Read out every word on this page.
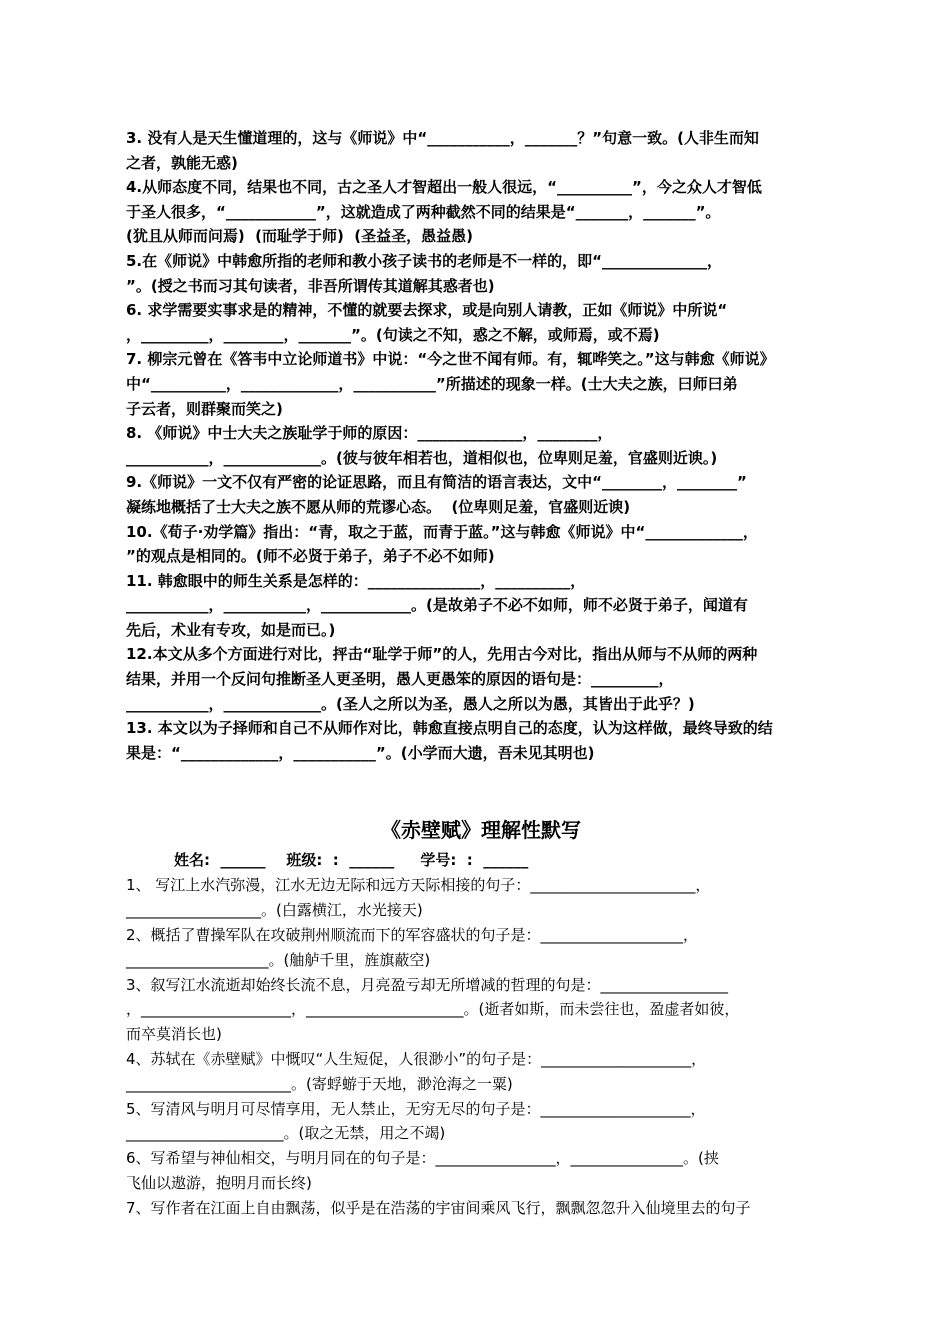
3. 没有人是天生懂道理的，这与《师说》中“___________，_______？”句意一致。(人非生而知
之者，孰能无惑)
4.从师态度不同，结果也不同，古之圣人才智超出一般人很远，“__________”，今之众人才智低
于圣人很多，“____________”，这就造成了两种截然不同的结果是“_______，_______”。
(犹且从师而问焉)  (而耻学于师)  (圣益圣，愚益愚)
5.在《师说》中韩愈所指的老师和教小孩子读书的老师是不一样的，即“______________，
”。(授之书而习其句读者，非吾所谓传其道解其惑者也)
6. 求学需要实事求是的精神，不懂的就要去探求，或是向别人请教，正如《师说》中所说“
，_________，________，_______”。(句读之不知，惑之不解，或师焉，或不焉)
7. 柳宗元曾在《答韦中立论师道书》中说：“今之世不闻有师。有，辄哗笑之。”这与韩愈《师说》
中“__________，_____________，___________”所描述的现象一样。(士大夫之族，曰师曰弟
子云者，则群聚而笑之)
8. 《师说》中士大夫之族耻学于师的原因：______________，________，
___________，_____________。(彼与彼年相若也，道相似也，位卑则足羞，官盛则近谀。)
9.《师说》一文不仅有严密的论证思路，而且有简洁的语言表达，文中“________，________”
凝练地概括了士大夫之族不愿从师的荒谬心态。  (位卑则足羞，官盛则近谀)
10.《荀子·劝学篇》指出：“青，取之于蓝，而青于蓝。”这与韩愈《师说》中“_____________，
”的观点是相同的。(师不必贤于弟子，弟子不必不如师)
11. 韩愈眼中的师生关系是怎样的：_______________，__________，
___________，___________，____________。(是故弟子不必不如师，师不必贤于弟子，闻道有
先后，术业有专攻，如是而已。)
12.本文从多个方面进行对比，抨击“耻学于师”的人，先用古今对比，指出从师与不从师的两种
结果，并用一个反问句推断圣人更圣明，愚人更愚笨的原因的语句是：_________，
___________，_____________。(圣人之所以为圣，愚人之所以为愚，其皆出于此乎？)
13. 本文以为子择师和自己不从师作对比，韩愈直接点明自己的态度，认为这样做，最终导致的结
果是：“_____________，___________”。(小学而大遗，吾未见其明也)
《赤壁赋》理解性默写
姓名:  ______    班级:  :  ______     学号:  :  ______
1、 写江上水汽弥漫，江水无边无际和远方天际相接的句子：______________________，
__________________。(白露横江，水光接天)
2、概括了曹操军队在攻破荆州顺流而下的军容盛状的句子是：___________________，
___________________。(舳舻千里，旌旗蔽空)
3、叙写江水流逝却始终长流不息，月亮盈亏却无所增减的哲理的句是：_________________
，____________________，_____________________。(逝者如斯，而未尝往也，盈虚者如彼，
而卒莫消长也)
4、苏轼在《赤壁赋》中慨叹“人生短促，人很渺小”的句子是：____________________，
______________________。(寄蜉蝣于天地，渺沧海之一粟)
5、写清风与明月可尽情享用，无人禁止，无穷无尽的句子是：____________________，
_____________________。(取之无禁，用之不竭)
6、写希望与神仙相交，与明月同在的句子是：________________，_______________。(挟
飞仙以遨游，抱明月而长终)
7、写作者在江面上自由飘荡，似乎是在浩荡的宇宙间乘风飞行，飘飘忽忽升入仙境里去的句子
